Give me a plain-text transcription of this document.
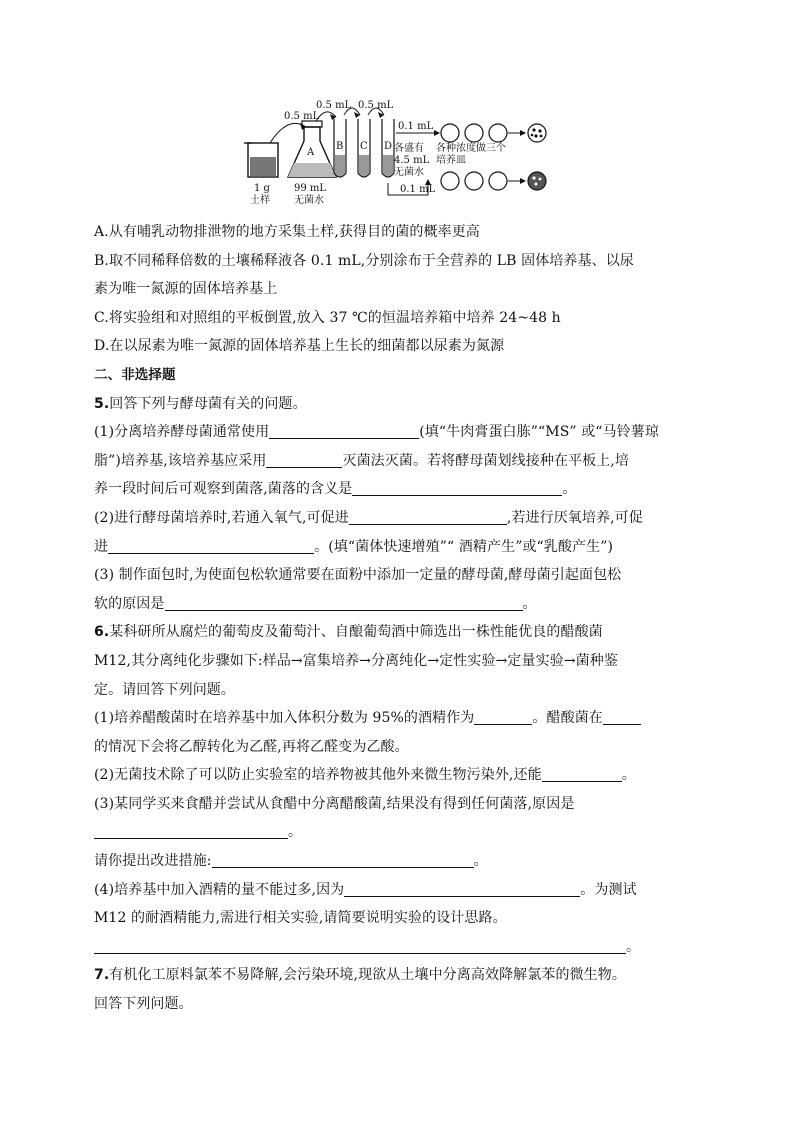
0.5 mL
0.5 mL 0.5 mL
0.1 mL
0.1 mL
A
B C D
1 g
土样
99 mL
无菌水
各盛有
4.5 mL
无菌水
各种浓度做三个
培养皿
A.从有哺乳动物排泄物的地方采集土样,获得目的菌的概率更高
B.取不同稀释倍数的土壤稀释液各 0.1 mL,分别涂布于全营养的 LB 固体培养基、以尿
素为唯一氮源的固体培养基上
C.将实验组和对照组的平板倒置,放入 37 ℃的恒温培养箱中培养 24~48 h
D.在以尿素为唯一氮源的固体培养基上生长的细菌都以尿素为氮源
二、非选择题
5.回答下列与酵母菌有关的问题。
(1)分离培养酵母菌通常使用	(填“牛肉膏蛋白胨”“MS” 或“马铃薯琼
脂”)培养基,该培养基应采用	灭菌法灭菌。若将酵母菌划线接种在平板上,培
养一段时间后可观察到菌落,菌落的含义是	。
(2)进行酵母菌培养时,若通入氧气,可促进	,若进行厌氧培养,可促
进	。(填“菌体快速增殖”“ 酒精产生”或“乳酸产生”)
(3) 制作面包时,为使面包松软通常要在面粉中添加一定量的酵母菌,酵母菌引起面包松
软的原因是	。
6.某科研所从腐烂的葡萄皮及葡萄汁、自酿葡萄酒中筛选出一株性能优良的醋酸菌
M12,其分离纯化步骤如下:样品→富集培养→分离纯化→定性实验→定量实验→菌种鉴
定。请回答下列问题。
(1)培养醋酸菌时在培养基中加入体积分数为 95%的酒精作为	。醋酸菌在
的情况下会将乙醇转化为乙醛,再将乙醛变为乙酸。
(2)无菌技术除了可以防止实验室的培养物被其他外来微生物污染外,还能	。
(3)某同学买来食醋并尝试从食醋中分离醋酸菌,结果没有得到任何菌落,原因是
。
请你提出改进措施:	。
(4)培养基中加入酒精的量不能过多,因为	。为测试
M12 的耐酒精能力,需进行相关实验,请简要说明实验的设计思路。
。
7.有机化工原料氯苯不易降解,会污染环境,现欲从土壤中分离高效降解氯苯的微生物。
回答下列问题。
